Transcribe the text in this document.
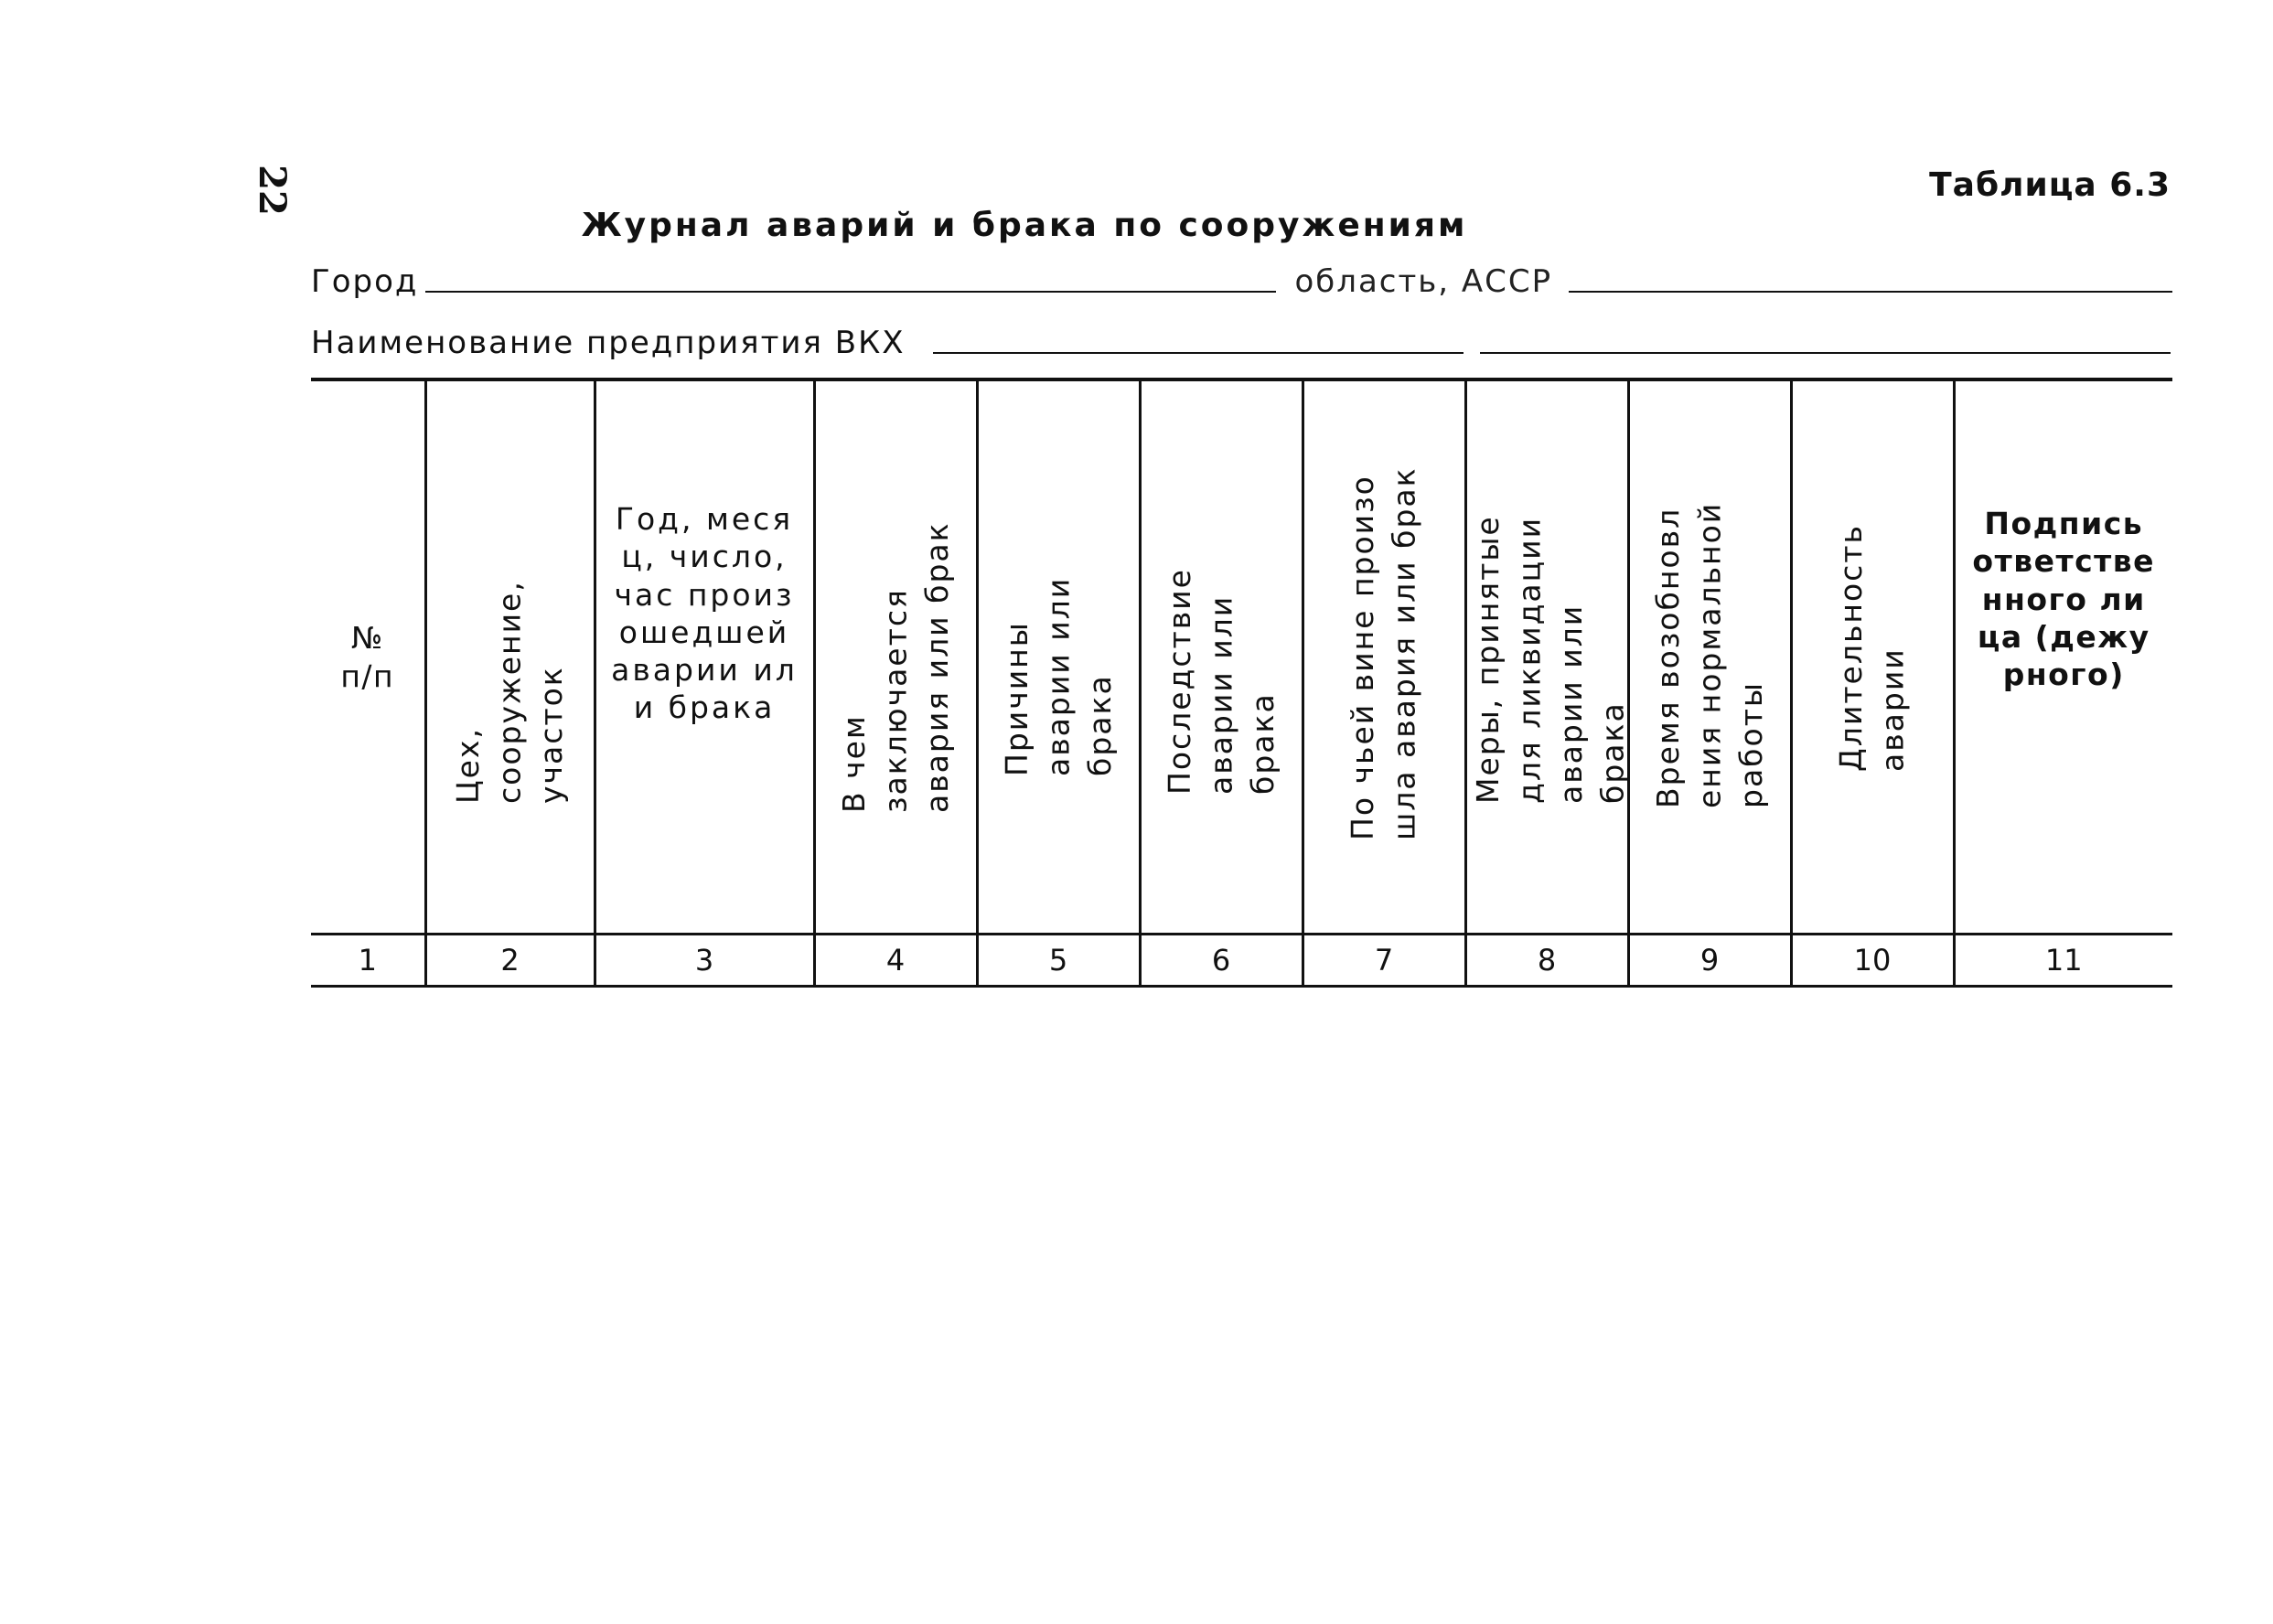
22	Таблица 6.3
Журнал аварий и брака по сооружениям
Город	область, АССР
Наименование предприятия ВКХ
№ п/п	Цех, сооружение, участок	Год, месяц, число, час произошедшей аварии или брака	В чем заключается авария или брак	Причины аварии или брака	Последствие аварии или брака	По чьей вине произошла авария или брак	Меры, принятые для ликвидации аварии или брака	Время возобновления нормальной работы	Длительность аварии	Подпись ответственного лица (дежурного)
1	2	3	4	5	6	7	8	9	10	11
